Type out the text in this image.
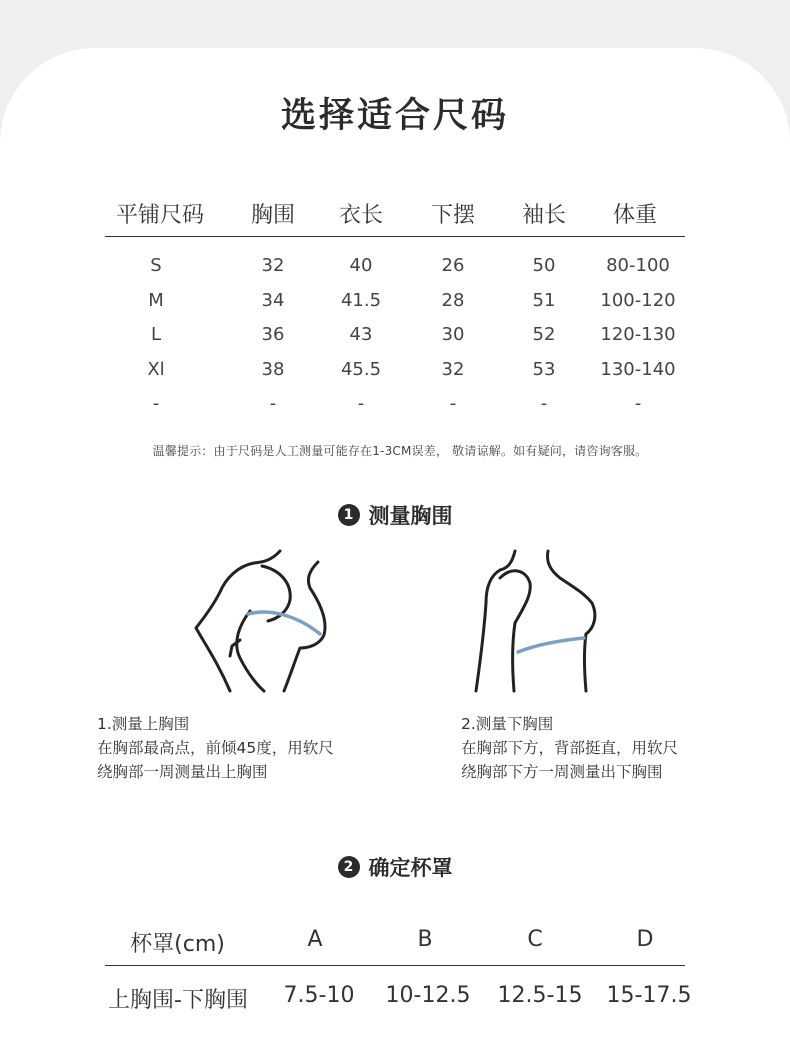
选择适合尺码
平铺尺码	胸围	衣长	下摆	袖长	体重
S	32	40	26	50	80-100
M	34	41.5	28	51	100-120
L	36	43	30	52	120-130
Xl	38	45.5	32	53	130-140
-	-	-	-	-	-
温馨提示：由于尺码是人工测量可能存在1-3CM误差， 敬请谅解。如有疑问，请咨询客服。
1 测量胸围
1.测量上胸围
在胸部最高点，前倾45度，用软尺
绕胸部一周测量出上胸围
2.测量下胸围
在胸部下方，背部挺直，用软尺
绕胸部下方一周测量出下胸围
2 确定杯罩
杯罩(cm)	A	B	C	D
上胸围-下胸围	7.5-10	10-12.5	12.5-15	15-17.5
